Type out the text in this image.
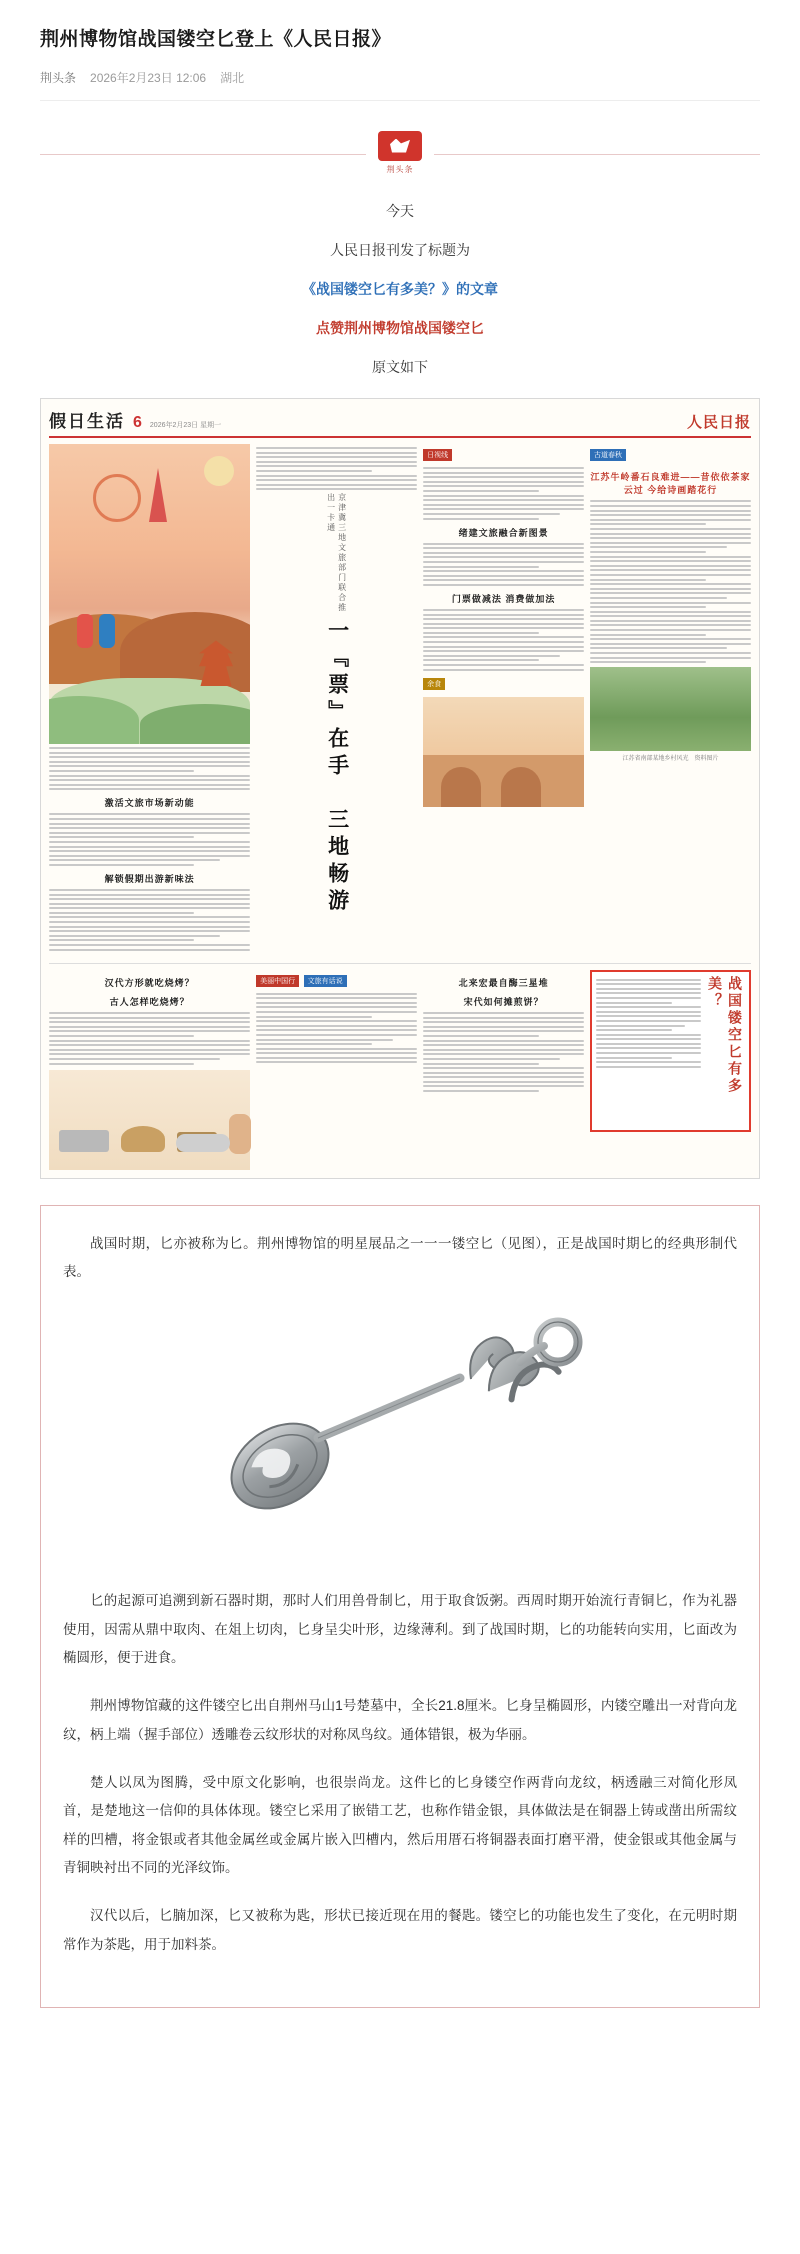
荆州博物馆战国镂空匕登上《人民日报》
荆头条 2026年2月23日 12:06 湖北
荆头条

今天

人民日报刊发了标题为

《战国镂空匕有多美？》的文章

点赞荆州博物馆战国镂空匕

原文如下

假日生活 6 2026年2月23日 星期一	人民日报
激活文旅市场新动能
解锁假期出游新味法
京津冀三地文旅部门联合推出一卡通
一『票』在手　三地畅游
日视线
绪建文旅融合新图景
门票做减法 消费做加法
余食
古道春秋
江苏牛岭番石良难进——昔依依茶家云过 今给诗画踏花行
江苏省南部某地乡村风光　资料图片
汉代方形就吃烧烤？
古人怎样吃烧烤？
美丽中国行 文旅有话说	北来宏最自酶三星堆
宋代如何摊煎饼？	战国镂空匕有多美？

战国时期，匕亦被称为匕。荆州博物馆的明星展品之一一一镂空匕（见图），正是战国时期匕的经典形制代表。

匕的起源可追溯到新石器时期，那时人们用兽骨制匕，用于取食饭粥。西周时期开始流行青铜匕，作为礼器使用，因需从鼎中取肉、在俎上切肉，匕身呈尖叶形，边缘薄利。到了战国时期，匕的功能转向实用，匕面改为椭圆形，便于进食。

荆州博物馆藏的这件镂空匕出自荆州马山1号楚墓中，全长21.8厘米。匕身呈椭圆形，内镂空雕出一对背向龙纹，柄上端（握手部位）透雕卷云纹形状的对称凤鸟纹。通体错银，极为华丽。

楚人以凤为图腾，受中原文化影响，也很崇尚龙。这件匕的匕身镂空作两背向龙纹，柄透融三对简化形凤首，是楚地这一信仰的具体体现。镂空匕采用了嵌错工艺，也称作错金银，具体做法是在铜器上铸或凿出所需纹样的凹槽，将金银或者其他金属丝或金属片嵌入凹槽内，然后用厝石将铜器表面打磨平滑，使金银或其他金属与青铜映衬出不同的光泽纹饰。

汉代以后，匕腩加深，匕又被称为匙，形状已接近现在用的餐匙。镂空匕的功能也发生了变化，在元明时期常作为茶匙，用于加料茶。
